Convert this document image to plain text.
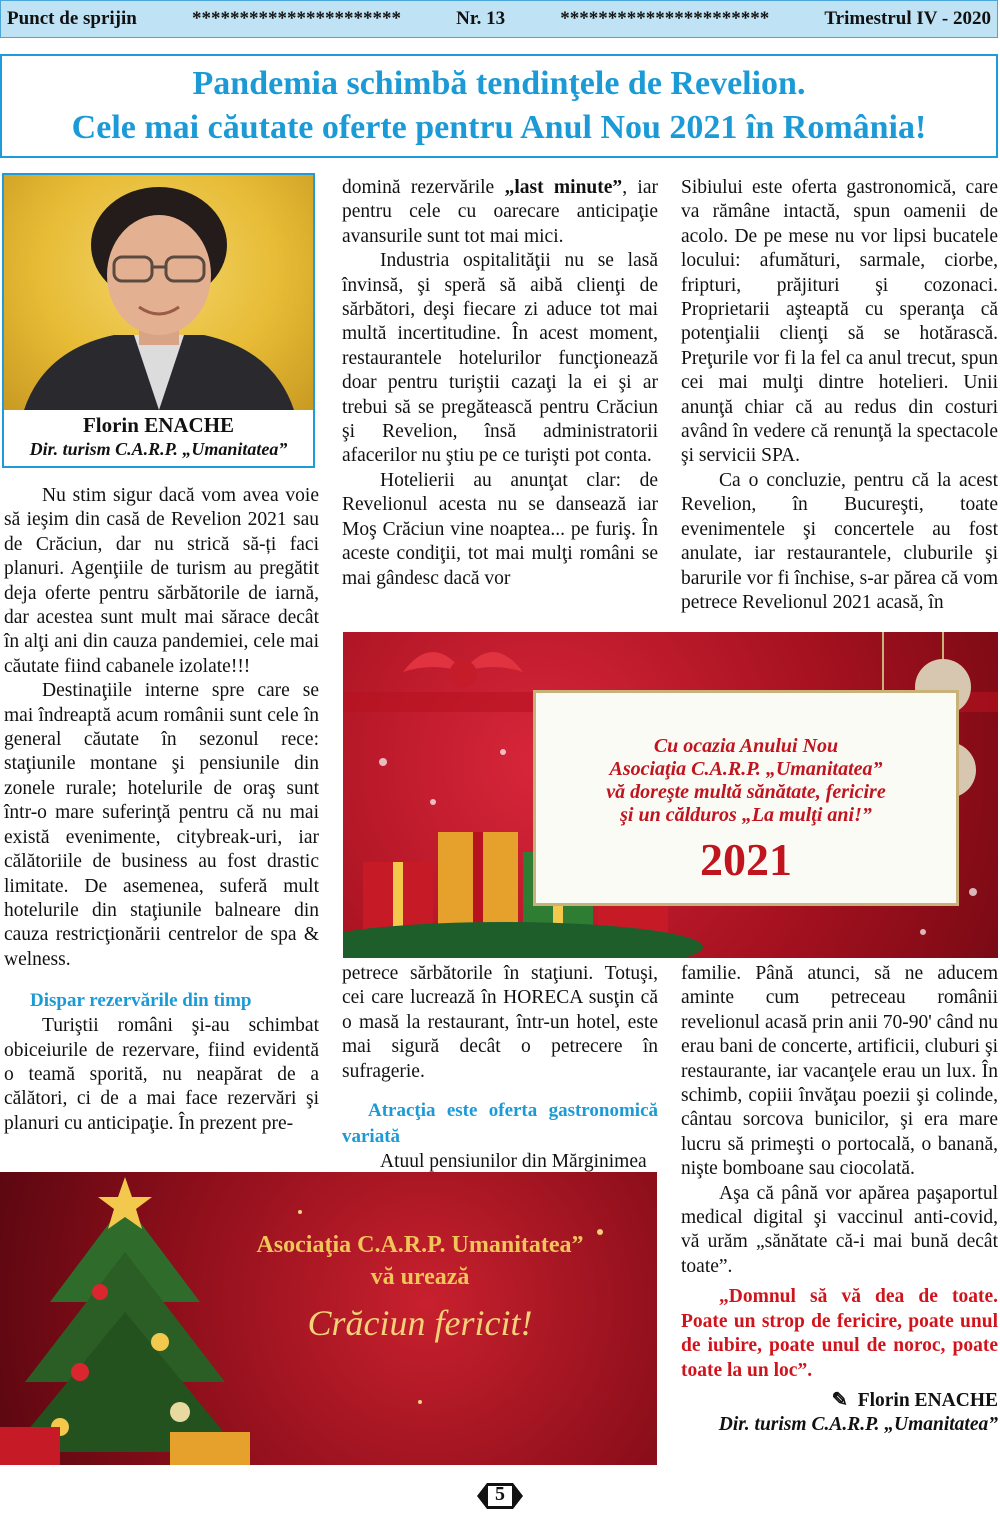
Punct de sprijin	**********************	Nr. 13	**********************	Trimestrul IV - 2020
Pandemia schimbă tendinţele de Revelion.
Cele mai căutate oferte pentru Anul Nou 2021 în România!
Florin ENACHE
Dir. turism C.A.R.P. „Umanitatea”

Nu stim sigur dacă vom avea voie să ieşim din casă de Revelion 2021 sau de Crăciun, dar nu strică să-ți faci planuri. Agenţiile de turism au pregătit deja oferte pentru sărbătorile de iarnă, dar acestea sunt mult mai sărace decât în alţi ani din cauza pandemiei, cele mai căutate fiind cabanele izolate!!!

Destinaţiile interne spre care se mai îndreaptă acum românii sunt cele în general căutate în sezonul rece: staţiunile montane şi pensiunile din zonele rurale; hotelurile de oraş sunt într-o mare suferinţă pentru că nu mai există evenimente, citybreak-uri, iar călătoriile de business au fost drastic limitate. De asemenea, suferă mult hotelurile din staţiunile balneare din cauza restricţionării centrelor de spa & welness.

Dispar rezervările din timp

Turiştii români şi-au schimbat obiceiurile de rezervare, fiind evidentă o teamă sporită, nu neapărat de a călători, ci de a mai face rezervări şi planuri cu anticipaţie. În prezent pre-

domină rezervările „last minute”, iar pentru cele cu oarecare anticipaţie avansurile sunt tot mai mici.

Industria ospitalităţii nu se lasă învinsă, şi speră să aibă clienţi de sărbători, deşi fiecare zi aduce tot mai multă incertitudine. În acest moment, restaurantele hotelurilor funcţionează doar pentru turiştii cazaţi la ei şi ar trebui să se pregătească pentru Crăciun şi Revelion, însă administratorii afacerilor nu ştiu pe ce turişti pot conta.

Hotelierii au anunţat clar: de Revelionul acesta nu se dansează iar Moş Crăciun vine noaptea... pe furiş. În aceste condiţii, tot mai mulţi români se mai gândesc dacă vor

Sibiului este oferta gastronomică, care va rămâne intactă, spun oamenii de acolo. De pe mese nu vor lipsi bucatele locului: afumături, sarmale, ciorbe, fripturi, prăjituri şi cozonaci. Proprietarii aşteaptă cu speranţa că potenţialii clienţi să se hotărască. Preţurile vor fi la fel ca anul trecut, spun cei mai mulţi dintre hotelieri. Unii anunţă chiar că au redus din costuri având în vedere că renunţă la spectacole şi servicii SPA.

Ca o concluzie, pentru că la acest Revelion, în Bucureşti, toate evenimentele şi concertele au fost anulate, iar restaurantele, cluburile şi barurile vor fi închise, s-ar părea că vom petrece Revelionul 2021 acasă, în

Cu ocazia Anului Nou
Asociaţia C.A.R.P. „Umanitatea”
vă doreşte multă sănătate, fericire
şi un călduros „La mulţi ani!”
2021

petrece sărbătorile în staţiuni. Totuşi, cei care lucrează în HORECA susţin că o masă la restaurant, într-un hotel, este mai sigură decât o petrecere în sufragerie.

Atracţia este oferta gastronomică variată

Atuul pensiunilor din Mărginimea

familie. Până atunci, să ne aducem aminte cum petreceau românii revelionul acasă prin anii 70-90' când nu erau bani de concerte, artificii, cluburi şi restaurante, iar vacanţele erau un lux. În schimb, copiii învăţau poezii şi colinde, cântau sorcova bunicilor, şi era mare lucru să primeşti o portocală, o banană, nişte bomboane sau ciocolată.

Aşa că până vor apărea paşaportul medical digital şi vaccinul anti-covid, vă urăm „sănătate că-i mai bună decât toate”.

„Domnul să vă dea de toate. Poate un strop de fericire, poate unul de iubire, poate unul de noroc, poate toate la un loc”.

✎ Florin ENACHE
Dir. turism C.A.R.P. „Umanitatea”
Asociaţia C.A.R.P. Umanitatea”
vă urează
Crăciun fericit!
5
